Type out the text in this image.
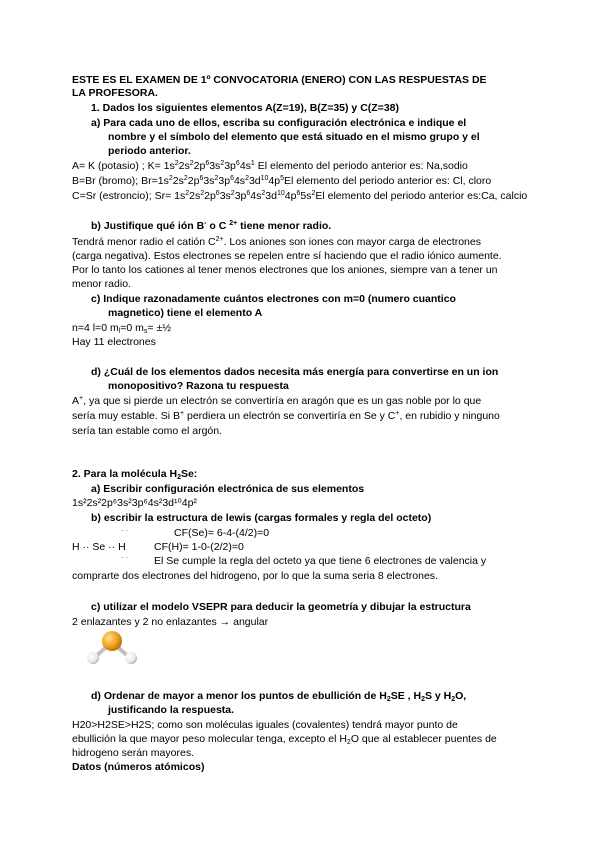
ESTE ES EL EXAMEN DE 1º CONVOCATORIA (ENERO) CON LAS RESPUESTAS DE
LA PROFESORA.
1. Dados los siguientes elementos A(Z=19), B(Z=35) y C(Z=38)
a) Para cada uno de ellos, escriba su configuración electrónica e indique el
nombre y el símbolo del elemento que está situado en el mismo grupo y el
periodo anterior.
A= K (potasio) ; $K= 1s^22s^22p^63s^23p^64s^1$ El elemento del periodo anterior es: Na,sodio
B=Br (bromo); $Br=1s^22s^22p^63s^23p^64s^23d^{10}4p^5El$ elemento del periodo anterior es: Cl, cloro
C=Sr (estroncio); $Sr= 1s^22s^22p^63s^23p^64s^23d^{10}4p^65s^2El$ elemento del periodo anterior es:Ca, calcio
b) Justifique qué ión B- o C $^{2+}$ tiene menor radio.
Tendrá menor radio el catión $C^{2+}$. Los aniones son iones con mayor carga de electrones
(carga negativa). Estos electrones se repelen entre sí haciendo que el radio iónico aumente.
Por lo tanto los cationes al tener menos electrones que los aniones, siempre van a tener un
menor radio.
c) Indique razonadamente cuántos electrones con m=0 (numero cuantico
magnetico) tiene el elemento A
n=4 l=0 $m_l=0$ $m_s=$ ±½
Hay 11 electrones
d) ¿Cuál de los elementos dados necesita más energía para convertirse en un ion
monopositivo? Razona tu respuesta
A+, ya que si pierde un electrón se convertiría en aragón que es un gas noble por lo que
sería muy estable. Si B+ perdiera un electrón se convertiría en Se y C+, en rubidio y ninguno
sería tan estable como el argón.
2. Para la molécula $H_2Se$:
a) Escribir configuración electrónica de sus elementos
1s²2s²2p⁶3s²3p⁶4s²3d¹⁰4p²
b) escribir la estructura de lewis (cargas formales y regla del octeto)
··	CF(Se)= 6-4-(4/2)=0
H ·· Se ·· H	CF(H)= 1-0-(2/2)=0
·· El Se cumple la regla del octeto ya que tiene 6 electrones de valencia y
comprarte dos electrones del hidrogeno, por lo que la suma seria 8 electrones.
c) utilizar el modelo VSEPR para deducir la geometría y dibujar la estructura
2 enlazantes y 2 no enlazantes → angular
d) Ordenar de mayor a menor los puntos de ebullición de $H_2SE$ , $H_2S$ y $H_2O$,
justificando la respuesta.
H20>H2SE>H2S; como son moléculas iguales (covalentes) tendrá mayor punto de
ebullición la que mayor peso molecular tenga, excepto el $H_2O$ que al establecer puentes de
hidrogeno serán mayores.
Datos (números atómicos)
